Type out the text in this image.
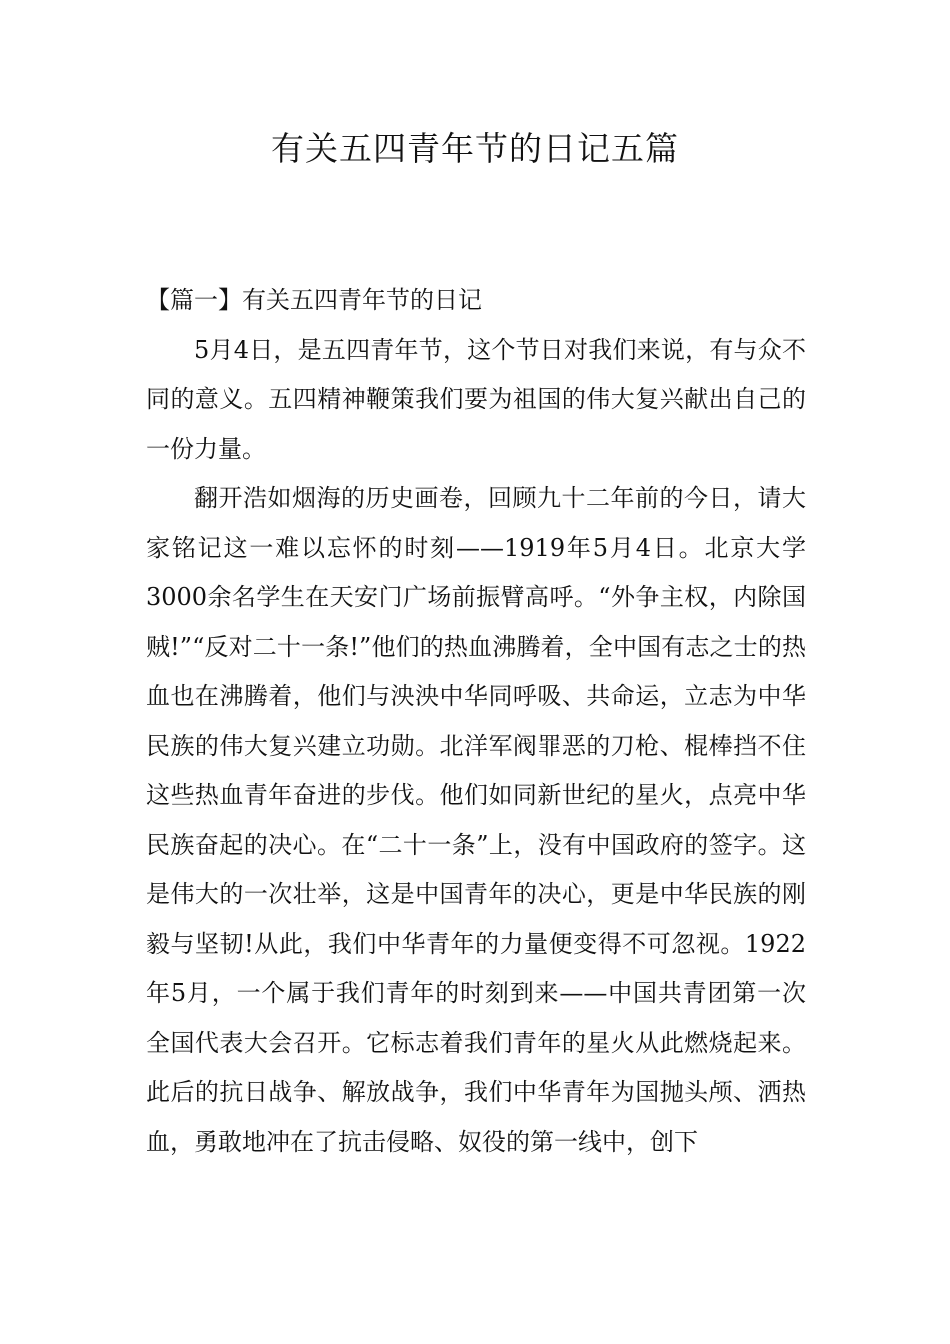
有关五四青年节的日记五篇

【篇一】有关五四青年节的日记

5月4日，是五四青年节，这个节日对我们来说，有与众不同的意义。五四精神鞭策我们要为祖国的伟大复兴献出自己的一份力量。

翻开浩如烟海的历史画卷，回顾九十二年前的今日，请大家铭记这一难以忘怀的时刻——1919年5月4日。北京大学3000余名学生在天安门广场前振臂高呼。“外争主权，内除国 贼!”“反对二十一条!”他们的热血沸腾着，全中国有志之士的热血也在沸腾着，他们与泱泱中华同呼吸、共命运，立志为中华民族的伟大复兴建立功勋。北洋军阀罪恶的刀枪、棍棒挡不住这些热血青年奋进的步伐。他们如同新世纪的星火，点亮中华民族奋起的决心。在“二十一条”上，没有中国政府的签字。这是伟大的一次壮举，这是中国青年的决心，更是中华民族的刚毅与坚韧!从此，我们中华青年的力量便变得不可忽视。1922年5月，一个属于我们青年的时刻到来——中国共青团第一次全国代表大会召开。它标志着我们青年的星火从此燃烧起来。此后的抗日战争、解放战争，我们中华青年为国抛头颅、洒热血，勇敢地冲在了抗击侵略、奴役的第一线中，创下
